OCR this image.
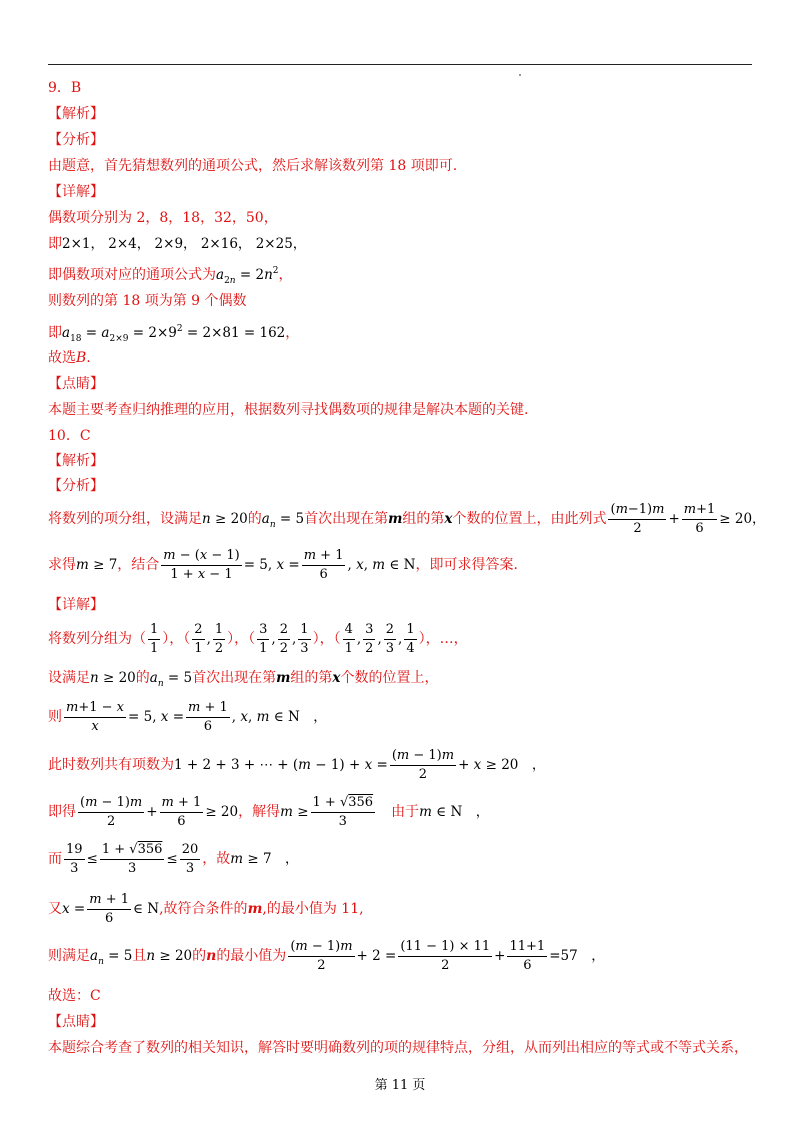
9．B
【解析】
【分析】
由题意，首先猜想数列的通项公式，然后求解该数列第 18 项即可.
【详解】
偶数项分别为 2，8，18，32，50，
即2×1， 2×4， 2×9， 2×16， 2×25，
即偶数项对应的通项公式为$a_{2n} = 2n^2$，
则数列的第 18 项为第 9 个偶数
即$a_{18} = a_{2\times 9} = 2\times 9^2 = 2\times 81 = 162$，
故选B.
【点睛】
本题主要考查归纳推理的应用，根据数列寻找偶数项的规律是解决本题的关键.
10．C
【解析】
【分析】
将数列的项分组，设满足n ≥ 20的$a_n = 5$首次出现在第m组的第x个数的位置上，由此列式 $\frac{(m-1)m}{2} + \frac{m+1}{6} \ge 20$，
求得m ≥ 7，结合 $\frac{m - (x - 1)}{1 + x - 1} = 5$, $x = \frac{m + 1}{6}$ , x, m ∈ N，即可求得答案.
【详解】
将数列分组为（ $\frac{1}{1}$ ），（ $\frac{2}{1}$ , $\frac{1}{2}$ ），（ $\frac{3}{1}$ , $\frac{2}{2}$ , $\frac{1}{3}$ ），（ $\frac{4}{1}$ , $\frac{3}{2}$ , $\frac{2}{3}$ , $\frac{1}{4}$ ），…，
设满足n ≥ 20的$a_n = 5$首次出现在第m组的第x个数的位置上，
则 $\frac{m+1 - x}{x} = 5$, $x = \frac{m + 1}{6}$ , x, m ∈ N　，
此时数列共有项数为1 + 2 + 3 + ⋯ + $(m - 1) + x = \frac{(m - 1)m}{2} + x \ge 20$　，
即得 $\frac{(m - 1)m}{2} + \frac{m + 1}{6} \ge 20$，解得$m \ge \frac{1 + √356}{3}$
　 由于m ∈ N　，
而 $\frac{19}{3} \le \frac{1 + √356}{3} \le \frac{20}{3}$ ，故m ≥ 7　，
又$x = \frac{m + 1}{6}$ ∈ N,故符合条件的m,的最小值为 11,
则满足$a_n = 5$且n ≥ 20的n的最小值为 $\frac{(m - 1)m}{2} + 2 = \frac{(11 - 1) \times 11}{2} + \frac{11+1}{6} =57$　，
故选：C
【点睛】
本题综合考查了数列的相关知识，解答时要明确数列的项的规律特点，分组，从而列出相应的等式或不等式关系，
第 11 页
